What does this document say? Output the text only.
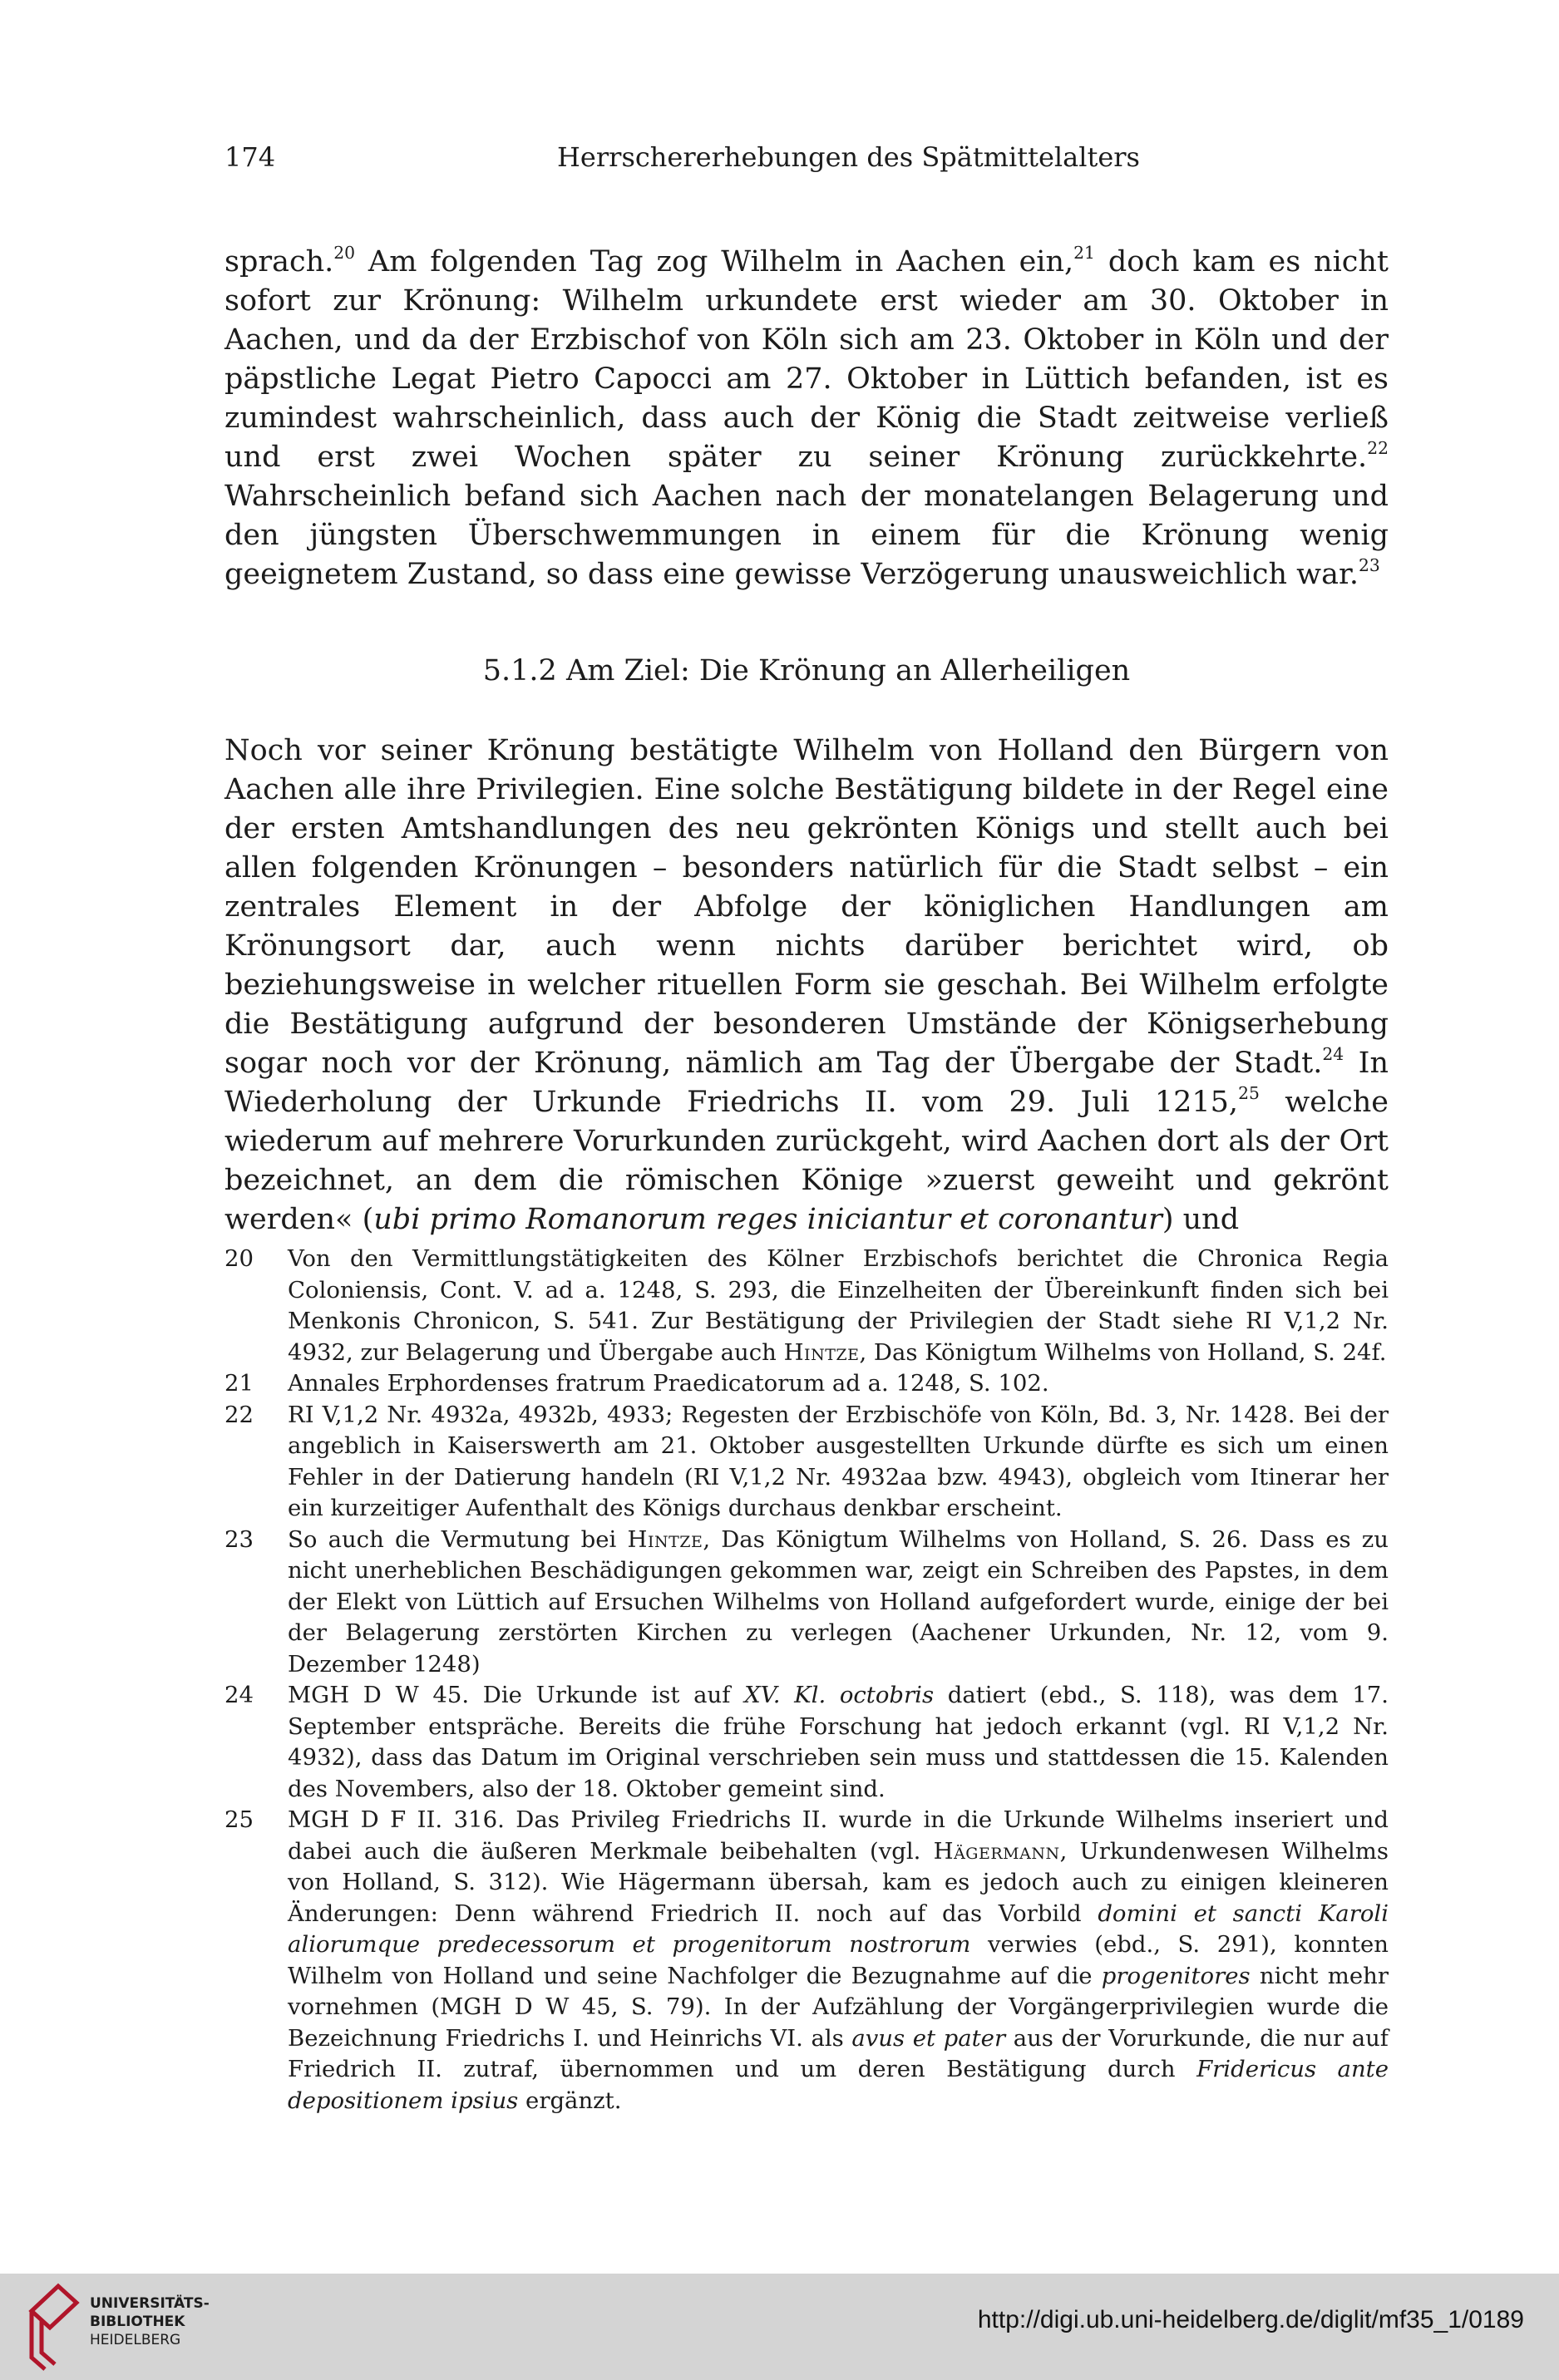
174	Herrschererhebungen des Spätmittelalters

sprach.$^{20}$ Am folgenden Tag zog Wilhelm in Aachen ein,$^{21}$ doch kam es nicht sofort zur Krönung: Wilhelm urkundete erst wieder am 30. Oktober in Aachen, und da der Erzbischof von Köln sich am 23. Oktober in Köln und der päpstliche Legat Pietro Capocci am 27. Oktober in Lüttich befanden, ist es zumindest wahrscheinlich, dass auch der König die Stadt zeitweise verließ und erst zwei Wochen später zu seiner Krönung zurückkehrte.$^{22}$ Wahrscheinlich befand sich Aachen nach der monatelangen Belagerung und den jüngsten Überschwemmungen in einem für die Krönung wenig geeignetem Zustand, so dass eine gewisse Verzögerung unausweichlich war.$^{23}$

5.1.2 Am Ziel: Die Krönung an Allerheiligen

Noch vor seiner Krönung bestätigte Wilhelm von Holland den Bürgern von Aachen alle ihre Privilegien. Eine solche Bestätigung bildete in der Regel eine der ersten Amtshandlungen des neu gekrönten Königs und stellt auch bei allen folgenden Krönungen – besonders natürlich für die Stadt selbst – ein zentrales Element in der Abfolge der königlichen Handlungen am Krönungsort dar, auch wenn nichts darüber berichtet wird, ob beziehungsweise in welcher rituellen Form sie geschah. Bei Wilhelm erfolgte die Bestätigung aufgrund der besonderen Umstände der Königserhebung sogar noch vor der Krönung, nämlich am Tag der Übergabe der Stadt.$^{24}$ In Wiederholung der Urkunde Friedrichs II. vom 29. Juli 1215,25 welche wiederum auf mehrere Vorurkunden zurückgeht, wird Aachen dort als der Ort bezeichnet, an dem die römischen Könige »zuerst geweiht und gekrönt werden« (ubi primo Romanorum reges iniciantur et coronantur) und

20	Von den Vermittlungstätigkeiten des Kölner Erzbischofs berichtet die Chronica Regia Coloniensis, Cont. V. ad a. 1248, S. 293, die Einzelheiten der Übereinkunft finden sich bei Menkonis Chronicon, S. 541. Zur Bestätigung der Privilegien der Stadt siehe RI V,1,2 Nr. 4932, zur Belagerung und Übergabe auch Hintze, Das Königtum Wilhelms von Holland, S. 24f.
21	Annales Erphordenses fratrum Praedicatorum ad a. 1248, S. 102.
22	RI V,1,2 Nr. 4932a, 4932b, 4933; Regesten der Erzbischöfe von Köln, Bd. 3, Nr. 1428. Bei der angeblich in Kaiserswerth am 21. Oktober ausgestellten Urkunde dürfte es sich um einen Fehler in der Datierung handeln (RI V,1,2 Nr. 4932aa bzw. 4943), obgleich vom Itinerar her ein kurzeitiger Aufenthalt des Königs durchaus denkbar erscheint.
23	So auch die Vermutung bei Hintze, Das Königtum Wilhelms von Holland, S. 26. Dass es zu nicht unerheblichen Beschädigungen gekommen war, zeigt ein Schreiben des Papstes, in dem der Elekt von Lüttich auf Ersuchen Wilhelms von Holland aufgefordert wurde, einige der bei der Belagerung zerstörten Kirchen zu verlegen (Aachener Urkunden, Nr. 12, vom 9. Dezember 1248)
24	MGH D W 45. Die Urkunde ist auf XV. Kl. octobris datiert (ebd., S. 118), was dem 17. September entspräche. Bereits die frühe Forschung hat jedoch erkannt (vgl. RI V,1,2 Nr. 4932), dass das Datum im Original verschrieben sein muss und stattdessen die 15. Kalenden des Novembers, also der 18. Oktober gemeint sind.
25	MGH D F II. 316. Das Privileg Friedrichs II. wurde in die Urkunde Wilhelms inseriert und dabei auch die äußeren Merkmale beibehalten (vgl. Hägermann, Urkundenwesen Wilhelms von Holland, S. 312). Wie Hägermann übersah, kam es jedoch auch zu einigen kleineren Änderungen: Denn während Friedrich II. noch auf das Vorbild domini et sancti Karoli aliorumque predecessorum et progenitorum nostrorum verwies (ebd., S. 291), konnten Wilhelm von Holland und seine Nachfolger die Bezugnahme auf die progenitores nicht mehr vornehmen (MGH D W 45, S. 79). In der Aufzählung der Vorgängerprivilegien wurde die Bezeichnung Friedrichs I. und Heinrichs VI. als avus et pater aus der Vorurkunde, die nur auf Friedrich II. zutraf, übernommen und um deren Bestätigung durch Fridericus ante depositionem ipsius ergänzt.
UNIVERSITÄTS-
BIBLIOTHEK
HEIDELBERG
http://digi.ub.uni-heidelberg.de/diglit/mf35_1/0189
